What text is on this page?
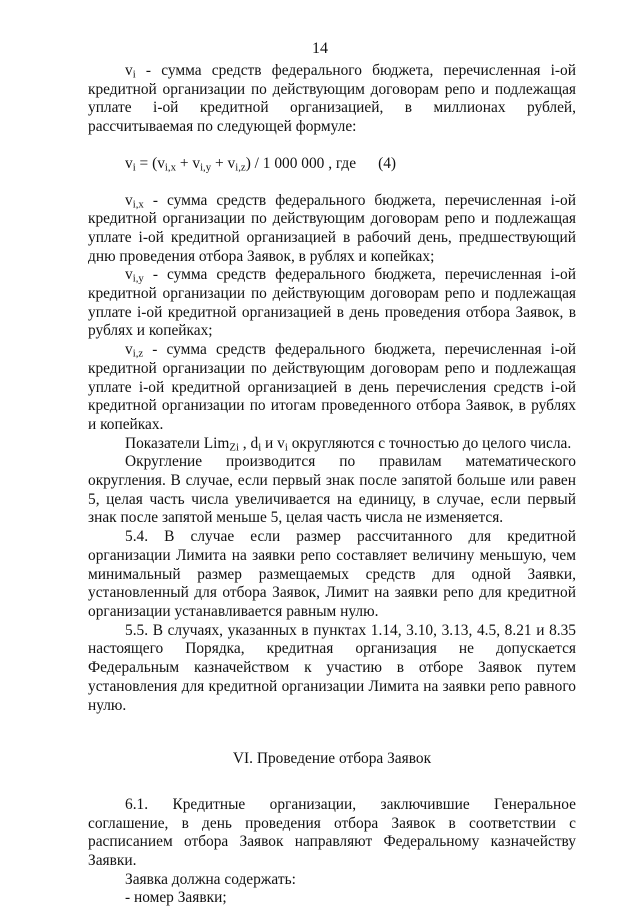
14

$v_i$ - сумма средств федерального бюджета, перечисленная i-ой кредитной организации по действующим договорам репо и подлежащая уплате i-ой кредитной организацией, в миллионах рублей, рассчитываемая по следующей формуле:

$v_i = (v_{i,x} + v_{i,y} + v_{i,z}) / 1$ 000 000 , где (4)

$v_{i,x}$ - сумма средств федерального бюджета, перечисленная i-ой кредитной организации по действующим договорам репо и подлежащая уплате i-ой кредитной организацией в рабочий день, предшествующий дню проведения отбора Заявок, в рублях и копейках;

$v_{i,y}$ - сумма средств федерального бюджета, перечисленная i-ой кредитной организации по действующим договорам репо и подлежащая уплате i-ой кредитной организацией в день проведения отбора Заявок, в рублях и копейках;

$v_{i,z}$ - сумма средств федерального бюджета, перечисленная i-ой кредитной организации по действующим договорам репо и подлежащая уплате i-ой кредитной организацией в день перечисления средств i-ой кредитной организации по итогам проведенного отбора Заявок, в рублях и копейках.

Показатели Lim$_{Zi}$ , $d_i$ и $v_i$ округляются с точностью до целого числа.

Округление производится по правилам математического округления. В случае, если первый знак после запятой больше или равен 5, целая часть числа увеличивается на единицу, в случае, если первый знак после запятой меньше 5, целая часть числа не изменяется.

5.4. В случае если размер рассчитанного для кредитной организации Лимита на заявки репо составляет величину меньшую, чем минимальный размер размещаемых средств для одной Заявки, установленный для отбора Заявок, Лимит на заявки репо для кредитной организации устанавливается равным нулю.

5.5. В случаях, указанных в пунктах 1.14, 3.10, 3.13, 4.5, 8.21 и 8.35 настоящего Порядка, кредитная организация не допускается Федеральным казначейством к участию в отборе Заявок путем установления для кредитной организации Лимита на заявки репо равного нулю.

VI. Проведение отбора Заявок

6.1. Кредитные организации, заключившие Генеральное соглашение, в день проведения отбора Заявок в соответствии с расписанием отбора Заявок направляют Федеральному казначейству Заявки.

Заявка должна содержать:

- номер Заявки;
